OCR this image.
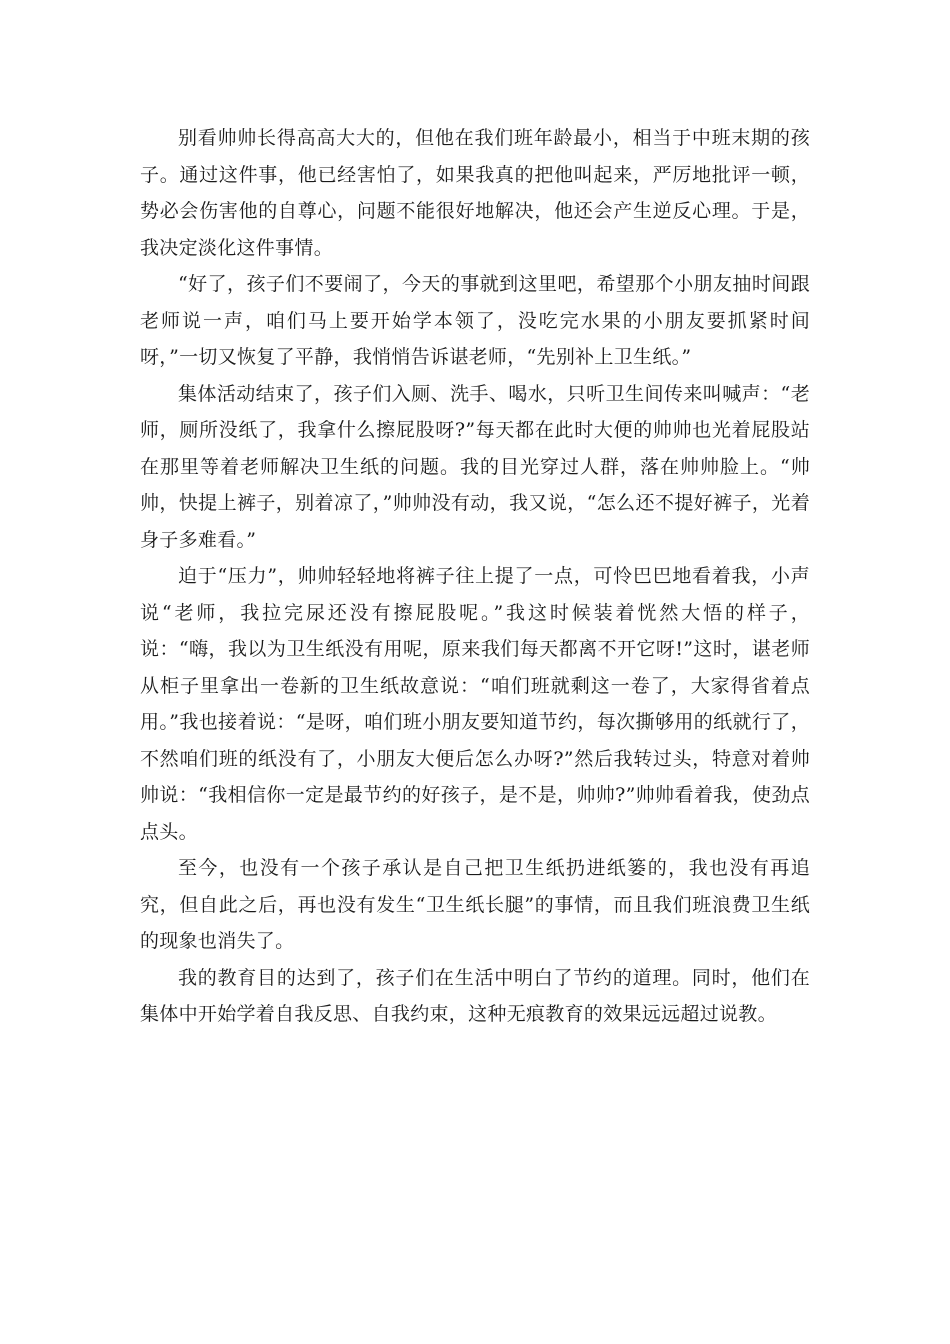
别看帅帅长得高高大大的，但他在我们班年龄最小，相当于中班末期的孩子。通过这件事，他已经害怕了，如果我真的把他叫起来，严厉地批评一顿，势必会伤害他的自尊心，问题不能很好地解决，他还会产生逆反心理。于是，我决定淡化这件事情。

“好了，孩子们不要闹了，今天的事就到这里吧，希望那个小朋友抽时间跟老师说一声，咱们马上要开始学本领了，没吃完水果的小朋友要抓紧时间呀，”一切又恢复了平静，我悄悄告诉谌老师，“先别补上卫生纸。”

集体活动结束了，孩子们入厕、洗手、喝水，只听卫生间传来叫喊声：“老师，厕所没纸了，我拿什么擦屁股呀?”每天都在此时大便的帅帅也光着屁股站在那里等着老师解决卫生纸的问题。我的目光穿过人群，落在帅帅脸上。“帅帅，快提上裤子，别着凉了，”帅帅没有动，我又说，“怎么还不提好裤子，光着身子多难看。”

迫于“压力”，帅帅轻轻地将裤子往上提了一点，可怜巴巴地看着我，小声说“老师，我拉完尿还没有擦屁股呢。”我这时候装着恍然大悟的样子，说：“嗨，我以为卫生纸没有用呢，原来我们每天都离不开它呀!”这时，谌老师从柜子里拿出一卷新的卫生纸故意说：“咱们班就剩这一卷了，大家得省着点用。”我也接着说：“是呀，咱们班小朋友要知道节约，每次撕够用的纸就行了，不然咱们班的纸没有了，小朋友大便后怎么办呀?”然后我转过头，特意对着帅帅说：“我相信你一定是最节约的好孩子，是不是，帅帅?”帅帅看着我，使劲点点头。

至今，也没有一个孩子承认是自己把卫生纸扔进纸篓的，我也没有再追究，但自此之后，再也没有发生“卫生纸长腿”的事情，而且我们班浪费卫生纸的现象也消失了。

我的教育目的达到了，孩子们在生活中明白了节约的道理。同时，他们在集体中开始学着自我反思、自我约束，这种无痕教育的效果远远超过说教。
